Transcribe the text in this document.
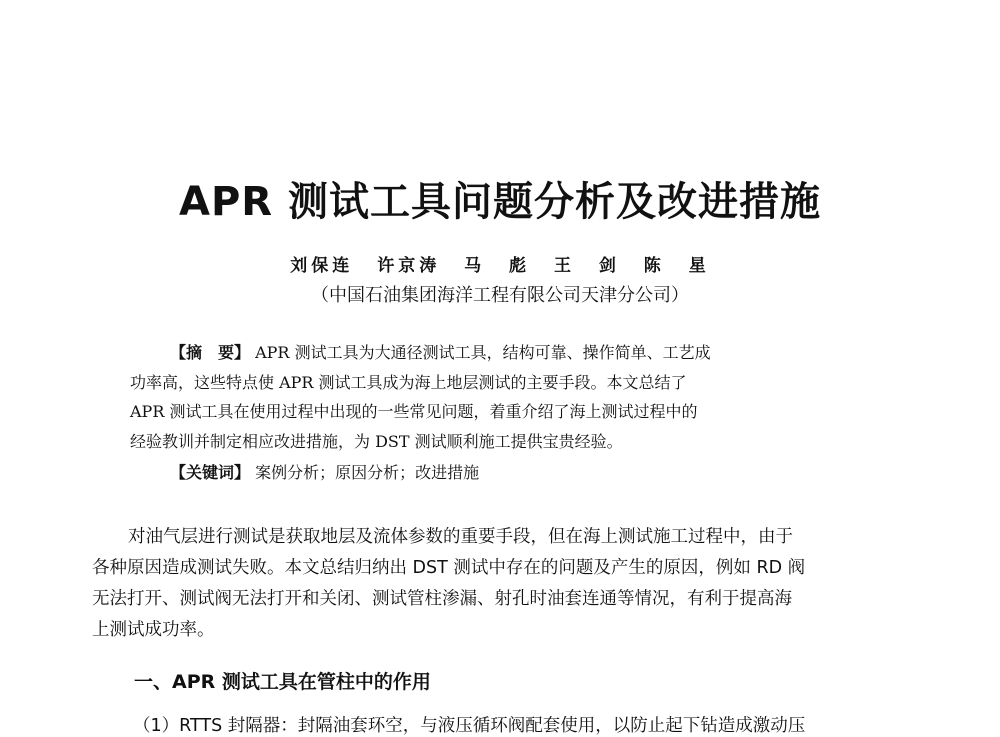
APR 测试工具问题分析及改进措施
刘保连 许京涛 马 彪 王 剑 陈 星
（中国石油集团海洋工程有限公司天津分公司）
【摘　要】 APR 测试工具为大通径测试工具，结构可靠、操作简单、工艺成
功率高，这些特点使 APR 测试工具成为海上地层测试的主要手段。本文总结了
APR 测试工具在使用过程中出现的一些常见问题，着重介绍了海上测试过程中的
经验教训并制定相应改进措施，为 DST 测试顺利施工提供宝贵经验。
【关键词】 案例分析；原因分析；改进措施
对油气层进行测试是获取地层及流体参数的重要手段，但在海上测试施工过程中，由于
各种原因造成测试失败。本文总结归纳出 DST 测试中存在的问题及产生的原因，例如 RD 阀
无法打开、测试阀无法打开和关闭、测试管柱渗漏、射孔时油套连通等情况，有利于提高海
上测试成功率。
一、APR 测试工具在管柱中的作用
（1）RTTS 封隔器：封隔油套环空，与液压循环阀配套使用，以防止起下钻造成激动压
